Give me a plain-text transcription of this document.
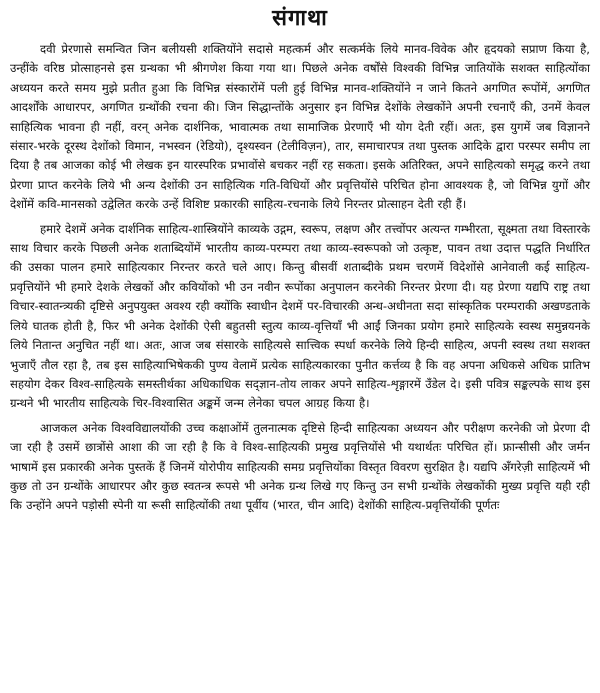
संगाथा

दवी प्रेरणासे समन्वित जिन बलीयसी शक्तियोंने सदासे महत्कर्म और सत्कर्मके लिये मानव-विवेक और हृदयको सप्राण किया है, उन्हींके वरिष्ठ प्रोत्साहनसे इस ग्रन्थका भी श्रीगणेश किया गया था। पिछले अनेक वर्षोंसे विश्वकी विभिन्न जातियोंके सशक्त साहित्योंका अध्ययन करते समय मुझे प्रतीत हुआ कि विभिन्न संस्कारोंमें पली हुई विभिन्न मानव-शक्तियोंने न जाने कितने अगणित रूपोंमें, अगणित आदर्शोंके आधारपर, अगणित ग्रन्थोंकी रचना की। जिन सिद्धान्तोंके अनुसार इन विभिन्न देशोंके लेखकोंने अपनी रचनाएँ की, उनमें केवल साहित्यिक भावना ही नहीं, वरन् अनेक दार्शनिक, भावात्मक तथा सामाजिक प्रेरणाएँ भी योग देती रहीं। अतः, इस युगमें जब विज्ञानने संसार-भरके दूरस्थ देशोंको विमान, नभस्वन (रेडियो), दृश्यस्वन (टेलीविज़न), तार, समाचारपत्र तथा पुस्तक आदिके द्वारा परस्पर समीप ला दिया है तब आजका कोई भी लेखक इन यारस्परिक प्रभावोंसे बचकर नहीं रह सकता। इसके अतिरिक्त, अपने साहित्यको समृद्ध करने तथा प्रेरणा प्राप्त करनेके लिये भी अन्य देशोंकी उन साहित्यिक गति-विधियों और प्रवृत्तियोंसे परिचित होना आवश्यक है, जो विभिन्न युगों और देशोंमें कवि-मानसको उद्वेलित करके उन्हें विशिष्ट प्रकारकी साहित्य-रचनाके लिये निरन्तर प्रोत्साहन देती रही हैं।

हमारे देशमें अनेक दार्शनिक साहित्य-शास्त्रियोंने काव्यके उद्गम, स्वरूप, लक्षण और तत्त्वोंपर अत्यन्त गम्भीरता, सूक्ष्मता तथा विस्तारके साथ विचार करके पिछली अनेक शताब्दियोंमें भारतीय काव्य-परम्परा तथा काव्य-स्वरूपको जो उत्कृष्ट, पावन तथा उदात्त पद्धति निर्धारित की उसका पालन हमारे साहित्यकार निरन्तर करते चले आए। किन्तु बीसवीं शताब्दीके प्रथम चरणमें विदेशोंसे आनेवाली कई साहित्य-प्रवृत्तियोंने भी हमारे देशके लेखकों और कवियोंको भी उन नवीन रूपोंका अनुपालन करनेकी निरन्तर प्रेरणा दी। यह प्रेरणा यद्यपि राष्ट्र तथा विचार-स्वातन्त्र्यकी दृष्टिसे अनुपयुक्त अवश्य रही क्योंकि स्वाधीन देशमें पर-विचारकी अन्ध-अधीनता सदा सांस्कृतिक परम्पराकी अखण्डताके लिये घातक होती है, फिर भी अनेक देशोंकी ऐसी बहुतसी स्तुत्य काव्य-वृत्तियाँ भी आईं जिनका प्रयोग हमारे साहित्यके स्वस्थ समुन्नयनके लिये नितान्त अनुचित नहीं था। अतः, आज जब संसारके साहित्यसे सात्त्विक स्पर्धा करनेके लिये हिन्दी साहित्य, अपनी स्वस्थ तथा सशक्त भुजाएँ तौल रहा है, तब इस साहित्याभिषेककी पुण्य वेलामें प्रत्येक साहित्यकारका पुनीत कर्त्तव्य है कि वह अपना अधिकसे अधिक प्रातिभ सहयोग देकर विश्व-साहित्यके समस्तीर्थका अधिकाधिक सद्ज्ञान-तोय लाकर अपने साहित्य-शृङ्गारमें उँडेल दे। इसी पवित्र सङ्कल्पके साथ इस ग्रन्थने भी भारतीय साहित्यके चिर-विश्वासित अङ्कमें जन्म लेनेका चपल आग्रह किया है।

आजकल अनेक विश्वविद्यालयोंकी उच्च कक्षाओंमें तुलनात्मक दृष्टिसे हिन्दी साहित्यका अध्ययन और परीक्षण करनेकी जो प्रेरणा दी जा रही है उसमें छात्रोंसे आशा की जा रही है कि वे विश्व-साहित्यकी प्रमुख प्रवृत्तियोंसे भी यथार्थतः परिचित हों। फ्रान्सीसी और जर्मन भाषामें इस प्रकारकी अनेक पुस्तकें हैं जिनमें योरोपीय साहित्यकी समग्र प्रवृत्तियोंका विस्तृत विवरण सुरक्षित है। यद्यपि अँगरेज़ी साहित्यमें भी कुछ तो उन ग्रन्थोंके आधारपर और कुछ स्वतन्त्र रूपसे भी अनेक ग्रन्थ लिखे गए किन्तु उन सभी ग्रन्थोंके लेखकोंकी मुख्य प्रवृत्ति यही रही कि उन्होंने अपने पड़ोसी स्पेनी या रूसी साहित्योंकी तथा पूर्वीय (भारत, चीन आदि) देशोंकी साहित्य-प्रवृत्तियोंकी पूर्णतः
